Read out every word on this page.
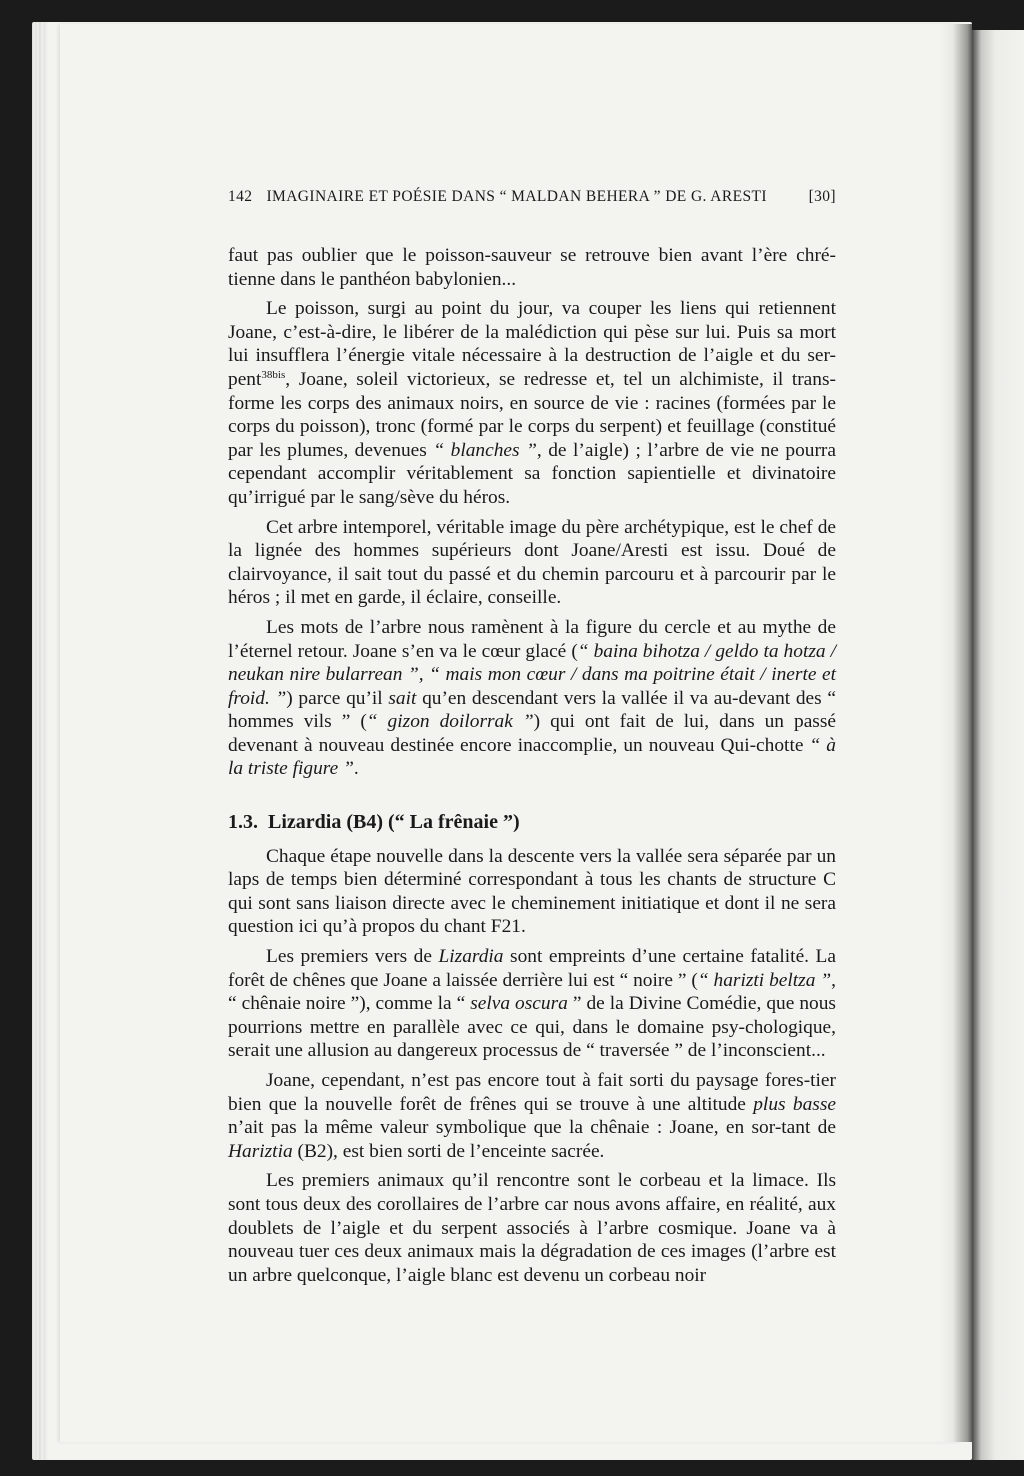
142 IMAGINAIRE ET POÉSIE DANS “ MALDAN BEHERA ” DE G. ARESTI	[30]

faut pas oublier que le poisson-sauveur se retrouve bien avant l’ère chré-tienne dans le panthéon babylonien...

Le poisson, surgi au point du jour, va couper les liens qui retiennent Joane, c’est-à-dire, le libérer de la malédiction qui pèse sur lui. Puis sa mort lui insufflera l’énergie vitale nécessaire à la destruction de l’aigle et du ser-pent$^{38bis}$, Joane, soleil victorieux, se redresse et, tel un alchimiste, il trans-forme les corps des animaux noirs, en source de vie : racines (formées par le corps du poisson), tronc (formé par le corps du serpent) et feuillage (constitué par les plumes, devenues “ blanches ”, de l’aigle) ; l’arbre de vie ne pourra cependant accomplir véritablement sa fonction sapientielle et divinatoire qu’irrigué par le sang/sève du héros.

Cet arbre intemporel, véritable image du père archétypique, est le chef de la lignée des hommes supérieurs dont Joane/Aresti est issu. Doué de clairvoyance, il sait tout du passé et du chemin parcouru et à parcourir par le héros ; il met en garde, il éclaire, conseille.

Les mots de l’arbre nous ramènent à la figure du cercle et au mythe de l’éternel retour. Joane s’en va le cœur glacé (“ baina bihotza / geldo ta hotza / neukan nire bularrean ”, “ mais mon cœur / dans ma poitrine était / inerte et froid. ”) parce qu’il sait qu’en descendant vers la vallée il va au-devant des “ hommes vils ” (“ gizon doilorrak ”) qui ont fait de lui, dans un passé devenant à nouveau destinée encore inaccomplie, un nouveau Qui-chotte “ à la triste figure ”.

1.3. Lizardia (B4) (“ La frênaie ”)

Chaque étape nouvelle dans la descente vers la vallée sera séparée par un laps de temps bien déterminé correspondant à tous les chants de structure C qui sont sans liaison directe avec le cheminement initiatique et dont il ne sera question ici qu’à propos du chant F21.

Les premiers vers de Lizardia sont empreints d’une certaine fatalité. La forêt de chênes que Joane a laissée derrière lui est “ noire ” (“ harizti beltza ”, “ chênaie noire ”), comme la “ selva oscura ” de la Divine Comédie, que nous pourrions mettre en parallèle avec ce qui, dans le domaine psy-chologique, serait une allusion au dangereux processus de “ traversée ” de l’inconscient...

Joane, cependant, n’est pas encore tout à fait sorti du paysage fores-tier bien que la nouvelle forêt de frênes qui se trouve à une altitude plus basse n’ait pas la même valeur symbolique que la chênaie : Joane, en sor-tant de Hariztia (B2), est bien sorti de l’enceinte sacrée.

Les premiers animaux qu’il rencontre sont le corbeau et la limace. Ils sont tous deux des corollaires de l’arbre car nous avons affaire, en réalité, aux doublets de l’aigle et du serpent associés à l’arbre cosmique. Joane va à nouveau tuer ces deux animaux mais la dégradation de ces images (l’arbre est un arbre quelconque, l’aigle blanc est devenu un corbeau noir
